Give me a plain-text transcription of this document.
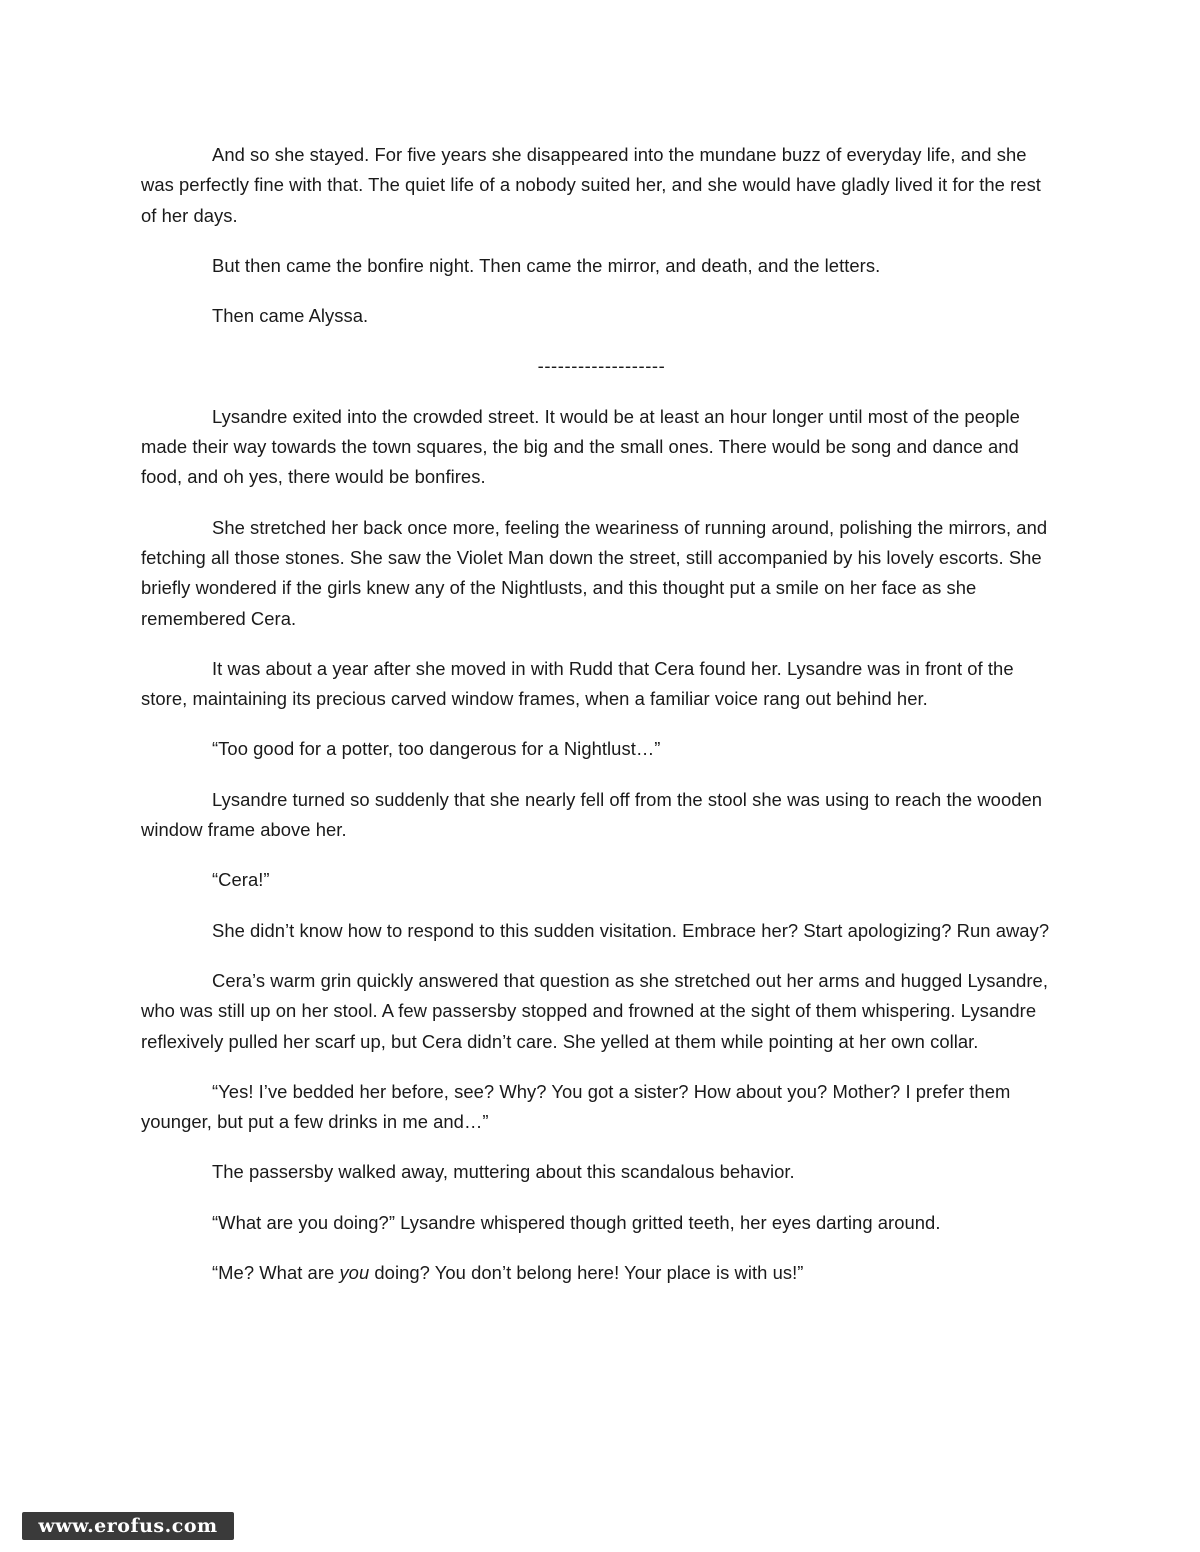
And so she stayed. For five years she disappeared into the mundane buzz of everyday life, and she was perfectly fine with that. The quiet life of a nobody suited her, and she would have gladly lived it for the rest of her days.

But then came the bonfire night. Then came the mirror, and death, and the letters.

Then came Alyssa.

-------------------

Lysandre exited into the crowded street. It would be at least an hour longer until most of the people made their way towards the town squares, the big and the small ones. There would be song and dance and food, and oh yes, there would be bonfires.

She stretched her back once more, feeling the weariness of running around, polishing the mirrors, and fetching all those stones. She saw the Violet Man down the street, still accompanied by his lovely escorts. She briefly wondered if the girls knew any of the Nightlusts, and this thought put a smile on her face as she remembered Cera.

It was about a year after she moved in with Rudd that Cera found her. Lysandre was in front of the store, maintaining its precious carved window frames, when a familiar voice rang out behind her.

“Too good for a potter, too dangerous for a Nightlust…”

Lysandre turned so suddenly that she nearly fell off from the stool she was using to reach the wooden window frame above her.

“Cera!”

She didn’t know how to respond to this sudden visitation. Embrace her? Start apologizing? Run away?

Cera’s warm grin quickly answered that question as she stretched out her arms and hugged Lysandre, who was still up on her stool. A few passersby stopped and frowned at the sight of them whispering. Lysandre reflexively pulled her scarf up, but Cera didn’t care. She yelled at them while pointing at her own collar.

“Yes! I’ve bedded her before, see? Why? You got a sister? How about you? Mother? I prefer them younger, but put a few drinks in me and…”

The passersby walked away, muttering about this scandalous behavior.

“What are you doing?” Lysandre whispered though gritted teeth, her eyes darting around.

“Me? What are you doing? You don’t belong here! Your place is with us!”

www.erofus.com
